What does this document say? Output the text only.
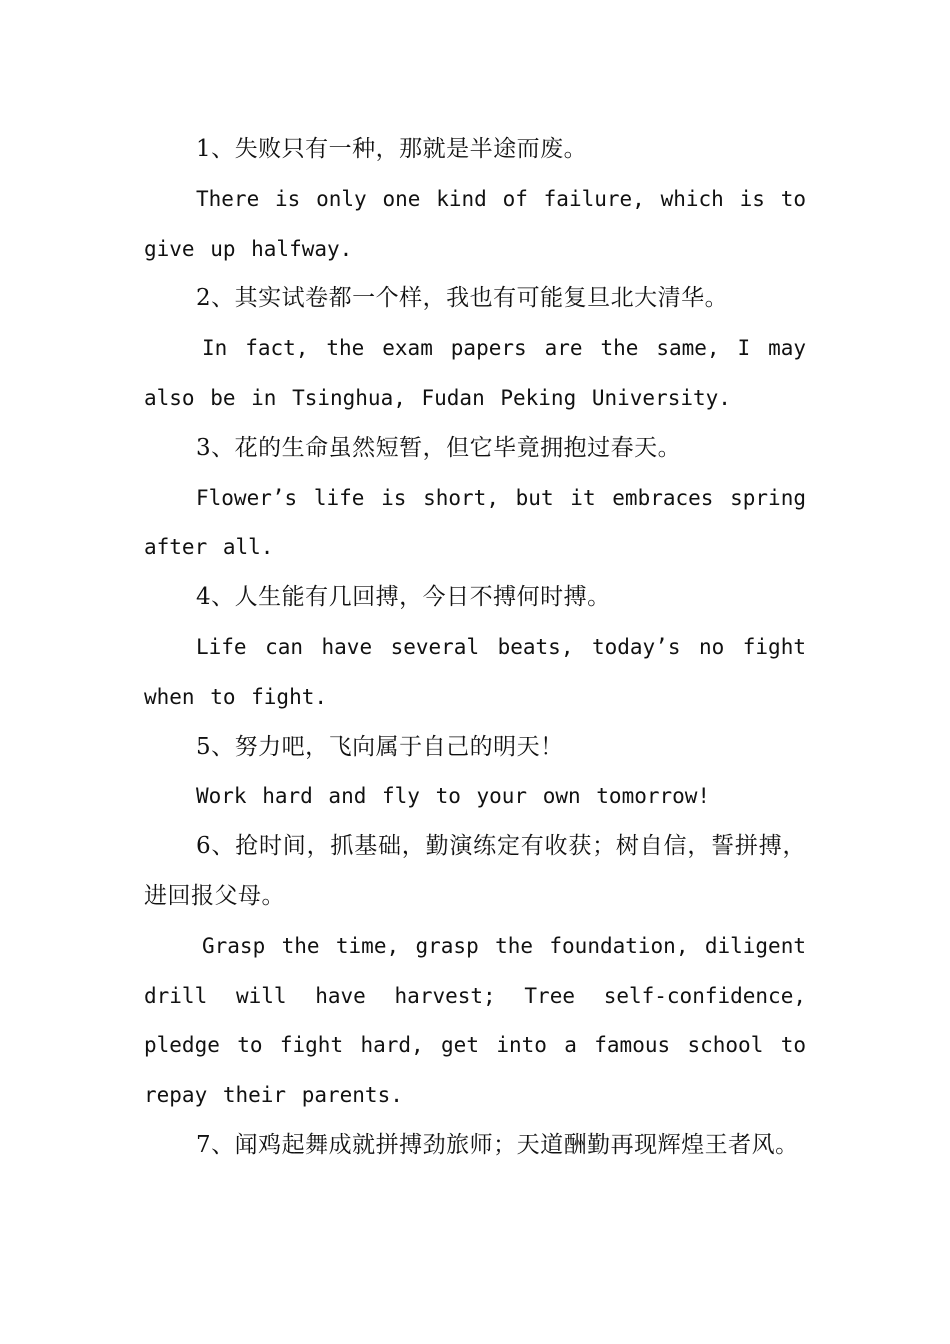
1、失败只有一种，那就是半途而废。

There is only one kind of failure, which is to give up halfway.

2、其实试卷都一个样，我也有可能复旦北大清华。

In fact, the exam papers are the same, I may also be in Tsinghua, Fudan Peking University.

3、花的生命虽然短暂，但它毕竟拥抱过春天。

Flower’s life is short, but it embraces spring after all.

4、人生能有几回搏，今日不搏何时搏。

Life can have several beats, today’s no fight when to fight.

5、努力吧，飞向属于自己的明天！

Work hard and fly to your own tomorrow!

6、抢时间，抓基础，勤演练定有收获；树自信，誓拼搏，进回报父母。

Grasp the time, grasp the foundation, diligent drill will have harvest; Tree self-confidence, pledge to fight hard, get into a famous school to repay their parents.

7、闻鸡起舞成就拼搏劲旅师；天道酬勤再现辉煌王者风。
